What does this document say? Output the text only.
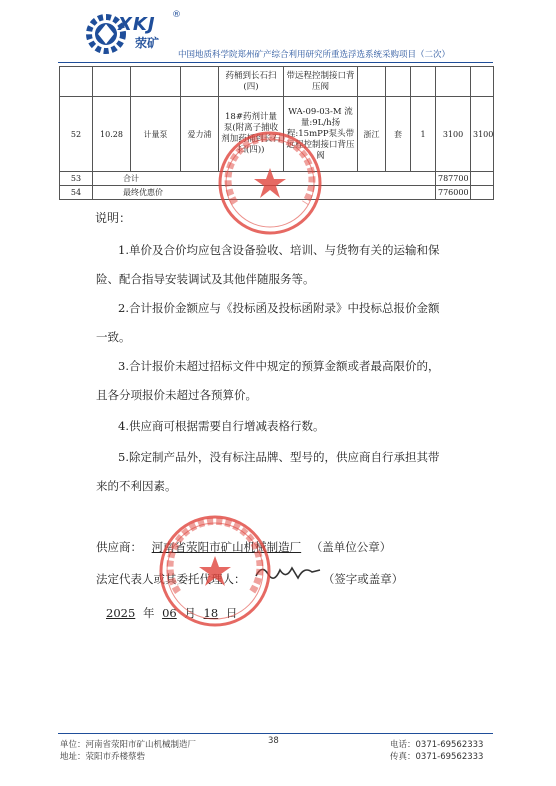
XKJ ®
荥矿
中国地质科学院郑州矿产综合利用研究所重选浮选系统采购项目（二次）
				药桶到长石扫(四)	带远程控制接口背压阀					
52	10.28	计量泵	爱力浦	18#药剂计量泵(附离子捕收剂加药桶到长石扫(四))	WA-09-03-M 流量:9L/h扬程:15mPP泵头带远程控制接口背压阀	浙江	套	1	3100	3100
53	合计								787700	
54	最终优惠价								776000	
说明：
1.单价及合价均应包含设备验收、培训、与货物有关的运输和保
险、配合指导安装调试及其他伴随服务等。
2.合计报价金额应与《投标函及投标函附录》中投标总报价金额
一致。
3.合计报价未超过招标文件中规定的预算金额或者最高限价的，
且各分项报价未超过各预算价。
4.供应商可根据需要自行增减表格行数。
5.除定制产品外，没有标注品牌、型号的，供应商自行承担其带
来的不利因素。
供应商： 河南省荥阳市矿山机械制造厂 （盖单位公章）
法定代表人或其委托代理人：	（签字或盖章）
2025 年 06 月 18 日
单位：河南省荥阳市矿山机械制造厂
地址：荥阳市乔楼蔡砦
38	电话：0371-69562333
传真：0371-69562333
